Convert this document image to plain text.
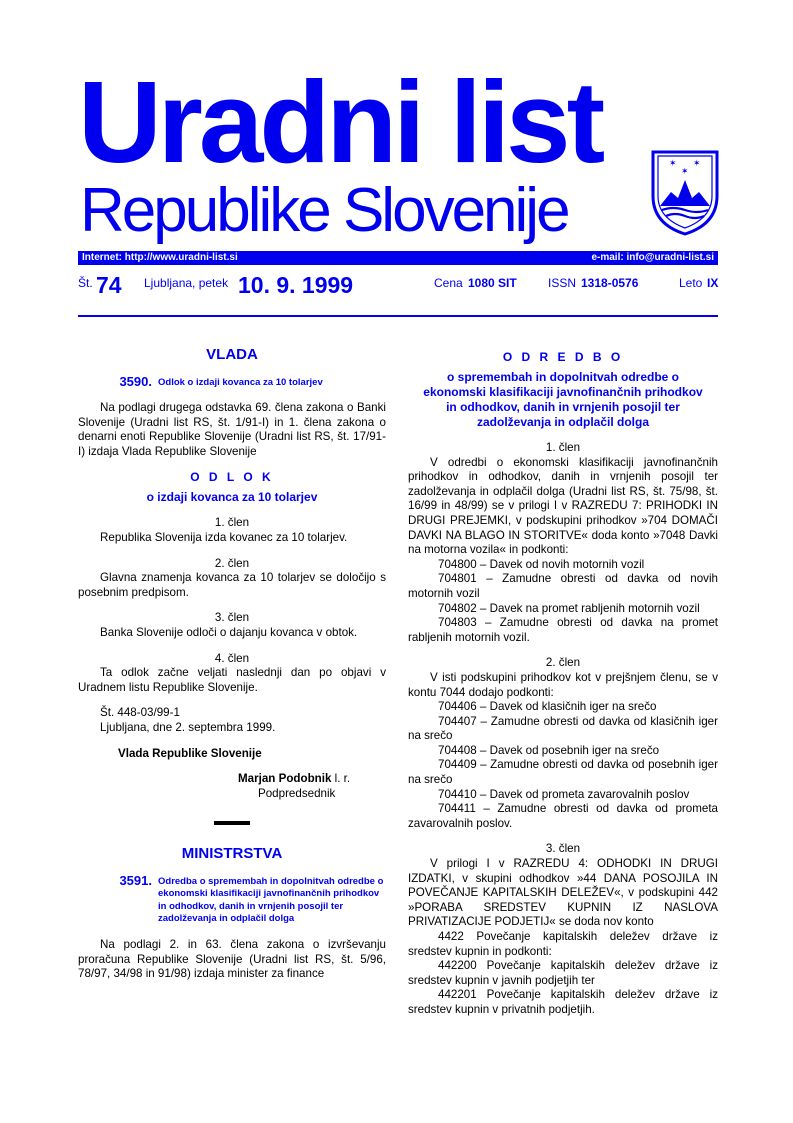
Uradni list
Republike Slovenije
✶ ✶
✶
Internet: http://www.uradni-list.si	e-mail: info@uradni-list.si
Št. 74 Ljubljana, petek 10. 9. 1999	Cena 1080 SIT	ISSN 1318-0576	Leto IX
VLADA
3590. Odlok o izdaji kovanca za 10 tolarjev

Na podlagi drugega odstavka 69. člena zakona o Banki Slovenije (Uradni list RS, št. 1/91-I) in 1. člena zakona o denarni enoti Republike Slovenije (Uradni list RS, št. 17/91-I) izdaja Vlada Republike Slovenije

O D L O K

o izdaji kovanca za 10 tolarjev

1. člen

Republika Slovenija izda kovanec za 10 tolarjev.

2. člen

Glavna znamenja kovanca za 10 tolarjev se določijo s posebnim predpisom.

3. člen

Banka Slovenije odloči o dajanju kovanca v obtok.

4. člen

Ta odlok začne veljati naslednji dan po objavi v Uradnem listu Republike Slovenije.

Št. 448-03/99-1

Ljubljana, dne 2. septembra 1999.

Vlada Republike Slovenije

Marjan Podobnik l. r.

Podpredsednik

MINISTRSTVA
3591. Odredba o spremembah in dopolnitvah odredbe o ekonomski klasifikaciji javnofinančnih prihodkov in odhodkov, danih in vrnjenih posojil ter zadolževanja in odplačil dolga

Na podlagi 2. in 63. člena zakona o izvrševanju proračuna Republike Slovenije (Uradni list RS, št. 5/96, 78/97, 34/98 in 91/98) izdaja minister za finance

O D R E D B O

o spremembah in dopolnitvah odredbe o ekonomski klasifikaciji javnofinančnih prihodkov in odhodkov, danih in vrnjenih posojil ter zadolževanja in odplačil dolga

1. člen

V odredbi o ekonomski klasifikaciji javnofinančnih prihodkov in odhodkov, danih in vrnjenih posojil ter zadolževanja in odplačil dolga (Uradni list RS, št. 75/98, št. 16/99 in 48/99) se v prilogi I v RAZREDU 7: PRIHODKI IN DRUGI PREJEMKI, v podskupini prihodkov »704 DOMAČI DAVKI NA BLAGO IN STORITVE« doda konto »7048 Davki na motorna vozila« in podkonti:

704800 – Davek od novih motornih vozil

704801 – Zamudne obresti od davka od novih motornih vozil

704802 – Davek na promet rabljenih motornih vozil

704803 – Zamudne obresti od davka na promet rabljenih motornih vozil.

2. člen

V isti podskupini prihodkov kot v prejšnjem členu, se v kontu 7044 dodajo podkonti:

704406 – Davek od klasičnih iger na srečo

704407 – Zamudne obresti od davka od klasičnih iger na srečo

704408 – Davek od posebnih iger na srečo

704409 – Zamudne obresti od davka od posebnih iger na srečo

704410 – Davek od prometa zavarovalnih poslov

704411 – Zamudne obresti od davka od prometa zavarovalnih poslov.

3. člen

V prilogi I v RAZREDU 4: ODHODKI IN DRUGI IZDATKI, v skupini odhodkov »44 DANA POSOJILA IN POVEČANJE KAPITALSKIH DELEŽEV«, v podskupini 442 »PORABA SREDSTEV KUPNIN IZ NASLOVA PRIVATIZACIJE PODJETIJ« se doda nov konto

4422 Povečanje kapitalskih deležev države iz sredstev kupnin in podkonti:

442200 Povečanje kapitalskih deležev države iz sredstev kupnin v javnih podjetjih ter

442201 Povečanje kapitalskih deležev države iz sredstev kupnin v privatnih podjetjih.
